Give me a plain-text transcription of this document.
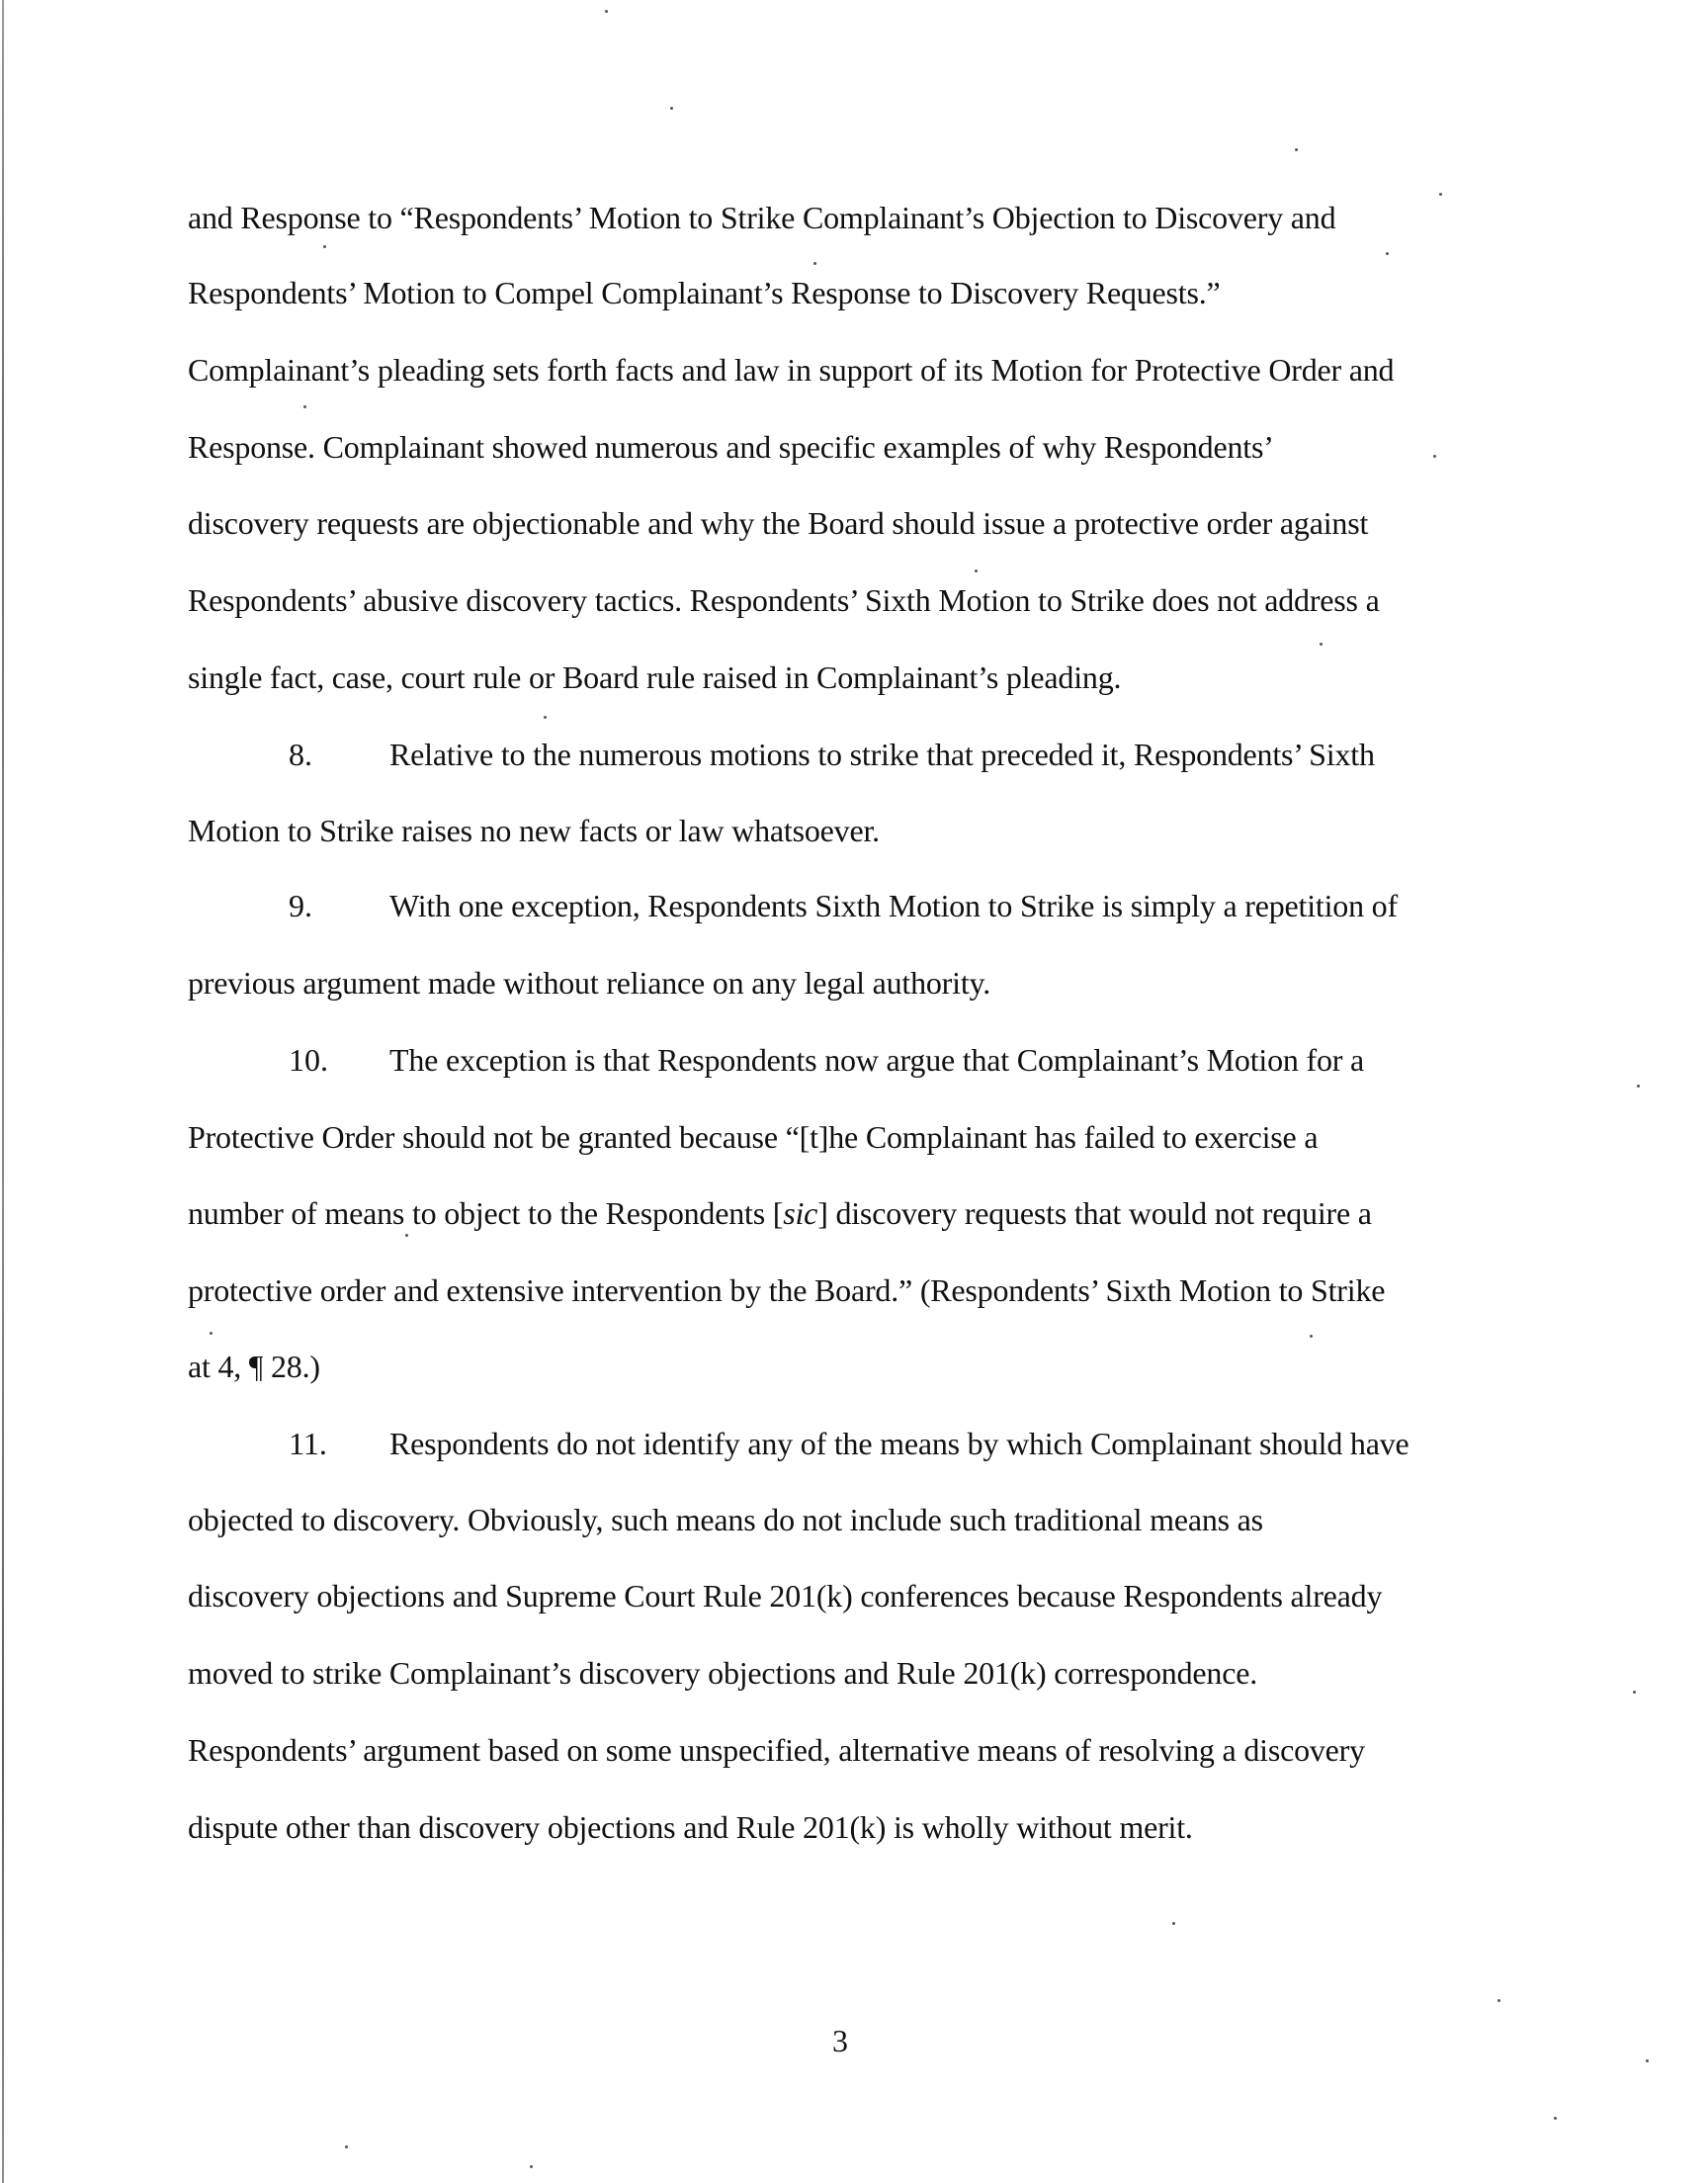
and Response to “Respondents’ Motion to Strike Complainant’s Objection to Discovery and

Respondents’ Motion to Compel Complainant’s Response to Discovery Requests.”

Complainant’s pleading sets forth facts and law in support of its Motion for Protective Order and

Response. Complainant showed numerous and specific examples of why Respondents’

discovery requests are objectionable and why the Board should issue a protective order against

Respondents’ abusive discovery tactics. Respondents’ Sixth Motion to Strike does not address a

single fact, case, court rule or Board rule raised in Complainant’s pleading.

8. Relative to the numerous motions to strike that preceded it, Respondents’ Sixth

Motion to Strike raises no new facts or law whatsoever.

9. With one exception, Respondents Sixth Motion to Strike is simply a repetition of

previous argument made without reliance on any legal authority.

10. The exception is that Respondents now argue that Complainant’s Motion for a

Protective Order should not be granted because “[t]he Complainant has failed to exercise a

number of means to object to the Respondents [sic] discovery requests that would not require a

protective order and extensive intervention by the Board.” (Respondents’ Sixth Motion to Strike

at 4, ¶ 28.)

11. Respondents do not identify any of the means by which Complainant should have

objected to discovery. Obviously, such means do not include such traditional means as

discovery objections and Supreme Court Rule 201(k) conferences because Respondents already

moved to strike Complainant’s discovery objections and Rule 201(k) correspondence.

Respondents’ argument based on some unspecified, alternative means of resolving a discovery

dispute other than discovery objections and Rule 201(k) is wholly without merit.

3
